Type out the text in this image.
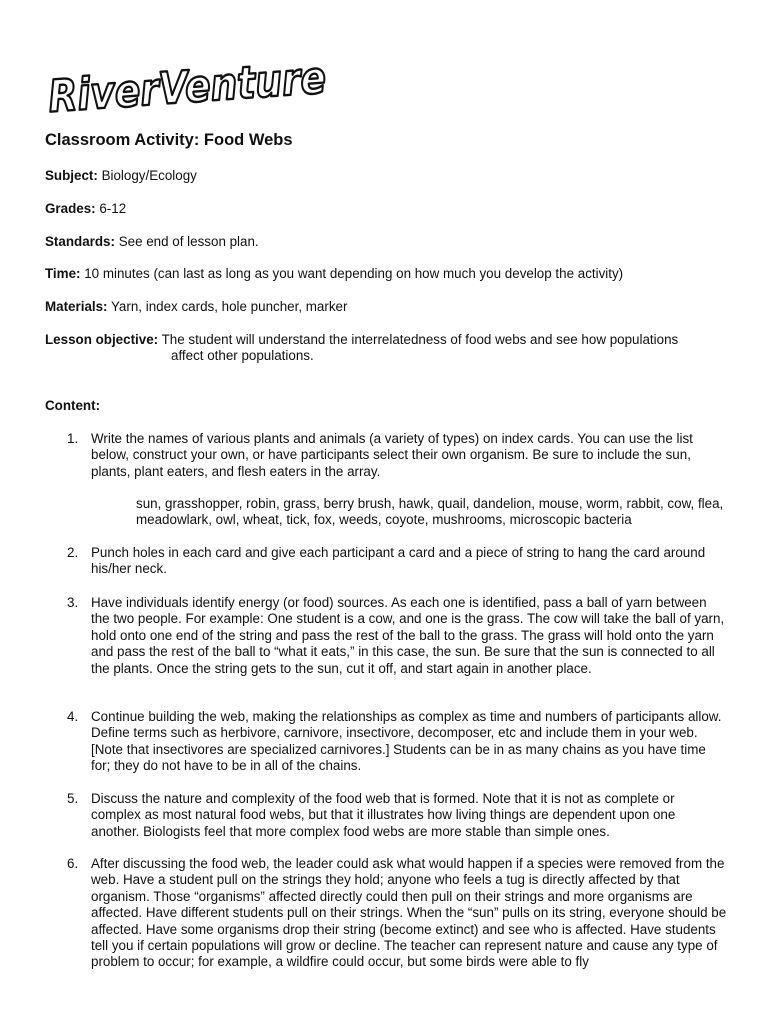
RiverVenture
Classroom Activity: Food Webs
Subject: Biology/Ecology
Grades: 6-12
Standards: See end of lesson plan.
Time: 10 minutes (can last as long as you want depending on how much you develop the activity)
Materials: Yarn, index cards, hole puncher, marker
Lesson objective: The student will understand the interrelatedness of food webs and see how populations
affect other populations.
Content:
1. Write the names of various plants and animals (a variety of types) on index cards. You can use the list below, construct your own, or have participants select their own organism. Be sure to include the sun, plants, plant eaters, and flesh eaters in the array.
sun, grasshopper, robin, grass, berry brush, hawk, quail, dandelion, mouse, worm, rabbit, cow, flea, meadowlark, owl, wheat, tick, fox, weeds, coyote, mushrooms, microscopic bacteria
2. Punch holes in each card and give each participant a card and a piece of string to hang the card around his/her neck.
3. Have individuals identify energy (or food) sources. As each one is identified, pass a ball of yarn between the two people. For example: One student is a cow, and one is the grass. The cow will take the ball of yarn, hold onto one end of the string and pass the rest of the ball to the grass. The grass will hold onto the yarn and pass the rest of the ball to “what it eats,” in this case, the sun. Be sure that the sun is connected to all the plants. Once the string gets to the sun, cut it off, and start again in another place.
4. Continue building the web, making the relationships as complex as time and numbers of participants allow. Define terms such as herbivore, carnivore, insectivore, decomposer, etc and include them in your web. [Note that insectivores are specialized carnivores.] Students can be in as many chains as you have time for; they do not have to be in all of the chains.
5. Discuss the nature and complexity of the food web that is formed. Note that it is not as complete or complex as most natural food webs, but that it illustrates how living things are dependent upon one another. Biologists feel that more complex food webs are more stable than simple ones.
6. After discussing the food web, the leader could ask what would happen if a species were removed from the web. Have a student pull on the strings they hold; anyone who feels a tug is directly affected by that organism. Those “organisms” affected directly could then pull on their strings and more organisms are affected. Have different students pull on their strings. When the “sun” pulls on its string, everyone should be affected. Have some organisms drop their string (become extinct) and see who is affected. Have students tell you if certain populations will grow or decline. The teacher can represent nature and cause any type of problem to occur; for example, a wildfire could occur, but some birds were able to fly
